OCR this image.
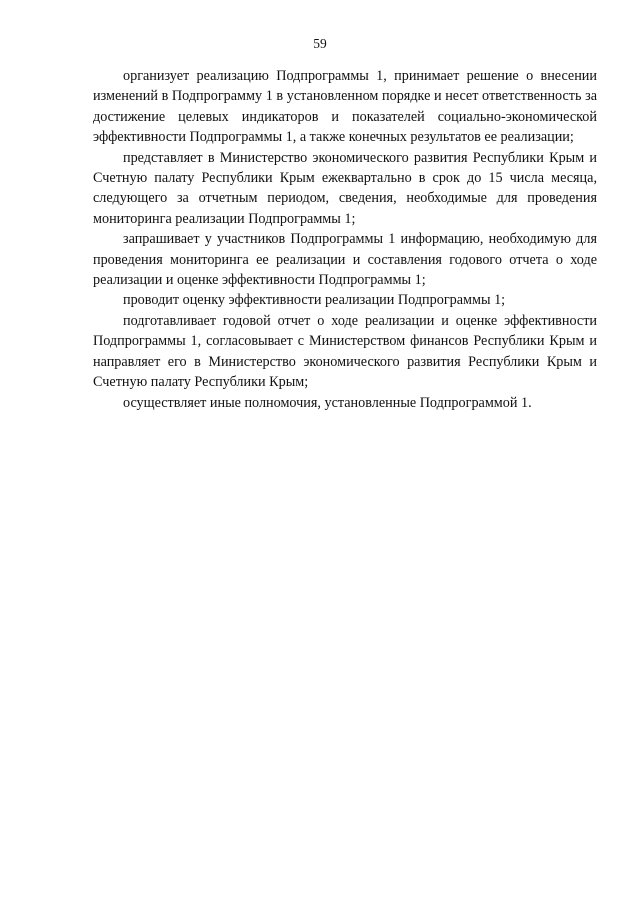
59

организует реализацию Подпрограммы 1, принимает решение о внесении изменений в Подпрограмму 1 в установленном порядке и несет ответственность за достижение целевых индикаторов и показателей социально-экономической эффективности Подпрограммы 1, а также конечных результатов ее реализации;

представляет в Министерство экономического развития Республики Крым и Счетную палату Республики Крым ежеквартально в срок до 15 числа месяца, следующего за отчетным периодом, сведения, необходимые для проведения мониторинга реализации Подпрограммы 1;

запрашивает у участников Подпрограммы 1 информацию, необходимую для проведения мониторинга ее реализации и составления годового отчета о ходе реализации и оценке эффективности Подпрограммы 1;

проводит оценку эффективности реализации Подпрограммы 1;

подготавливает годовой отчет о ходе реализации и оценке эффективности Подпрограммы 1, согласовывает с Министерством финансов Республики Крым и направляет его в Министерство экономического развития Республики Крым и Счетную палату Республики Крым;

осуществляет иные полномочия, установленные Подпрограммой 1.
